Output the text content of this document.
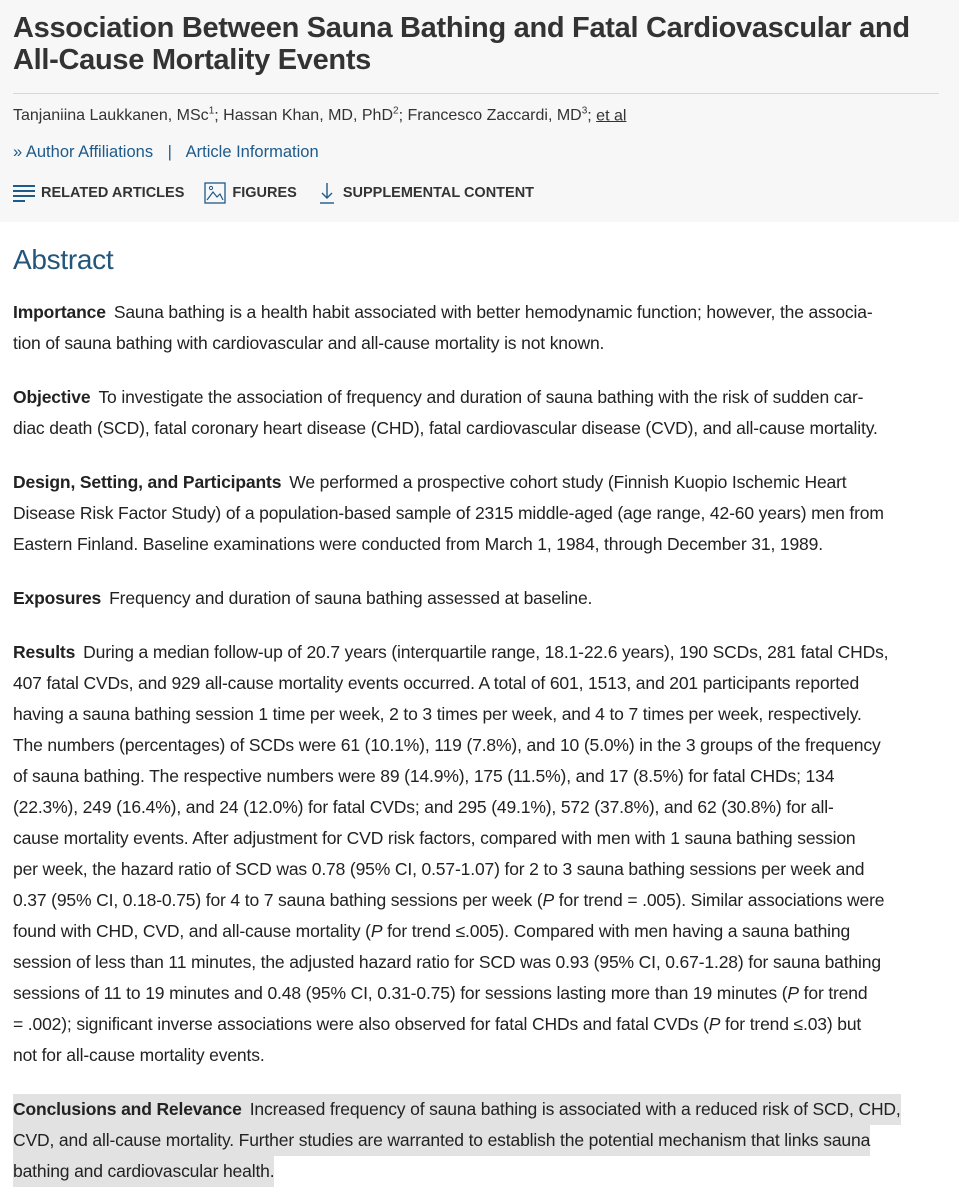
Association Between Sauna Bathing and Fatal Cardiovascular and
All-Cause Mortality Events
Tanjaniina Laukkanen, MSc$^1$; Hassan Khan, MD, PhD$^2$; Francesco Zaccardi, $MD^3$; et al
» Author Affiliations | Article Information
RELATED ARTICLES	FIGURES	SUPPLEMENTAL CONTENT
Abstract

Importance Sauna bathing is a health habit associated with better hemodynamic function; however, the associa-
tion of sauna bathing with cardiovascular and all-cause mortality is not known.

Objective To investigate the association of frequency and duration of sauna bathing with the risk of sudden car-
diac death (SCD), fatal coronary heart disease (CHD), fatal cardiovascular disease (CVD), and all-cause mortality.

Design, Setting, and Participants We performed a prospective cohort study (Finnish Kuopio Ischemic Heart
Disease Risk Factor Study) of a population-based sample of 2315 middle-aged (age range, 42-60 years) men from
Eastern Finland. Baseline examinations were conducted from March 1, 1984, through December 31, 1989.

Exposures Frequency and duration of sauna bathing assessed at baseline.

Results During a median follow-up of 20.7 years (interquartile range, 18.1-22.6 years), 190 SCDs, 281 fatal CHDs,
407 fatal CVDs, and 929 all-cause mortality events occurred. A total of 601, 1513, and 201 participants reported
having a sauna bathing session 1 time per week, 2 to 3 times per week, and 4 to 7 times per week, respectively.
The numbers (percentages) of SCDs were 61 (10.1%), 119 (7.8%), and 10 (5.0%) in the 3 groups of the frequency
of sauna bathing. The respective numbers were 89 (14.9%), 175 (11.5%), and 17 (8.5%) for fatal CHDs; 134
(22.3%), 249 (16.4%), and 24 (12.0%) for fatal CVDs; and 295 (49.1%), 572 (37.8%), and 62 (30.8%) for all-
cause mortality events. After adjustment for CVD risk factors, compared with men with 1 sauna bathing session
per week, the hazard ratio of SCD was 0.78 (95% CI, 0.57-1.07) for 2 to 3 sauna bathing sessions per week and
0.37 (95% CI, 0.18-0.75) for 4 to 7 sauna bathing sessions per week (P for trend = .005). Similar associations were
found with CHD, CVD, and all-cause mortality (P for trend ≤.005). Compared with men having a sauna bathing
session of less than 11 minutes, the adjusted hazard ratio for SCD was 0.93 (95% CI, 0.67-1.28) for sauna bathing
sessions of 11 to 19 minutes and 0.48 (95% CI, 0.31-0.75) for sessions lasting more than 19 minutes (P for trend
= .002); significant inverse associations were also observed for fatal CHDs and fatal CVDs (P for trend ≤.03) but
not for all-cause mortality events.

Conclusions and Relevance Increased frequency of sauna bathing is associated with a reduced risk of SCD, CHD,
CVD, and all-cause mortality. Further studies are warranted to establish the potential mechanism that links sauna
bathing and cardiovascular health.
